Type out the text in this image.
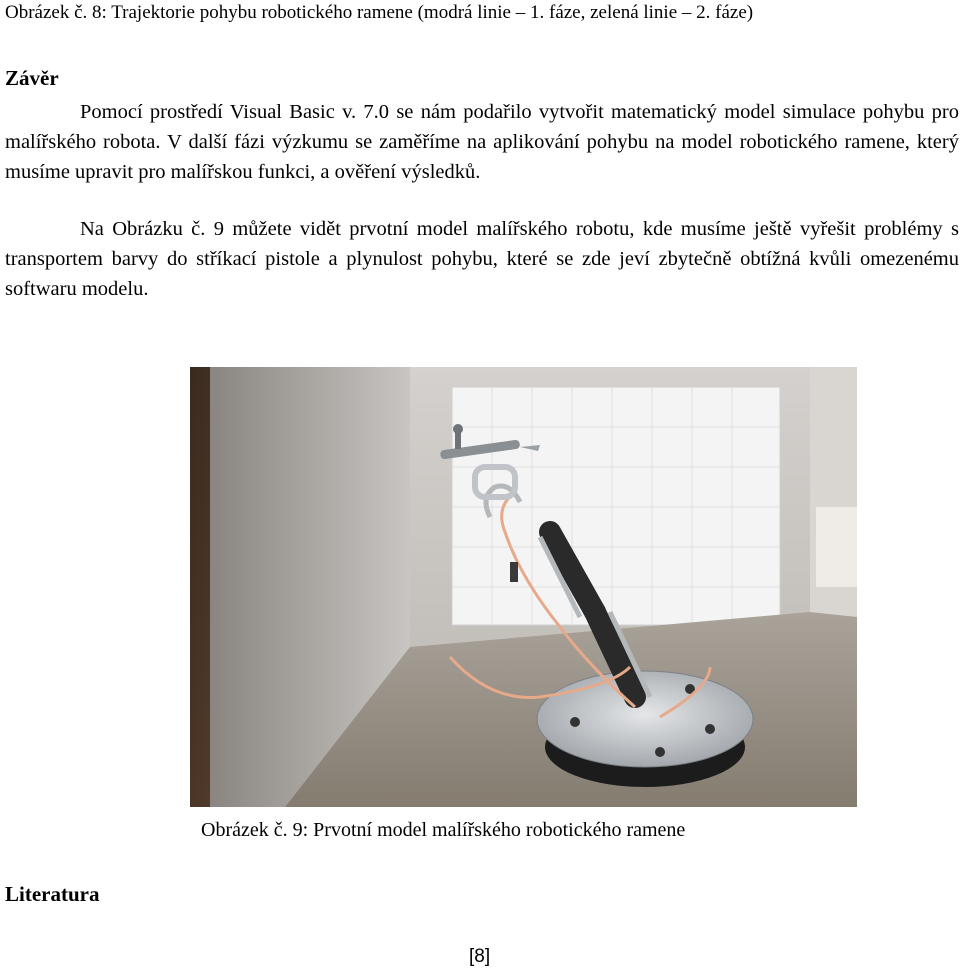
Obrázek č. 8: Trajektorie pohybu robotického ramene (modrá linie – 1. fáze, zelená linie – 2. fáze)
Závěr
Pomocí prostředí Visual Basic v. 7.0 se nám podařilo vytvořit matematický model simulace pohybu pro malířského robota. V další fázi výzkumu se zaměříme na aplikování pohybu na model robotického ramene, který musíme upravit pro malířskou funkci, a ověření výsledků.
Na Obrázku č. 9 můžete vidět prvotní model malířského robotu, kde musíme ještě vyřešit problémy s transportem barvy do stříkací pistole a plynulost pohybu, které se zde jeví zbytečně obtížná kvůli omezenému softwaru modelu.
Obrázek č. 9: Prvotní model malířského robotického ramene
Literatura
[8]
